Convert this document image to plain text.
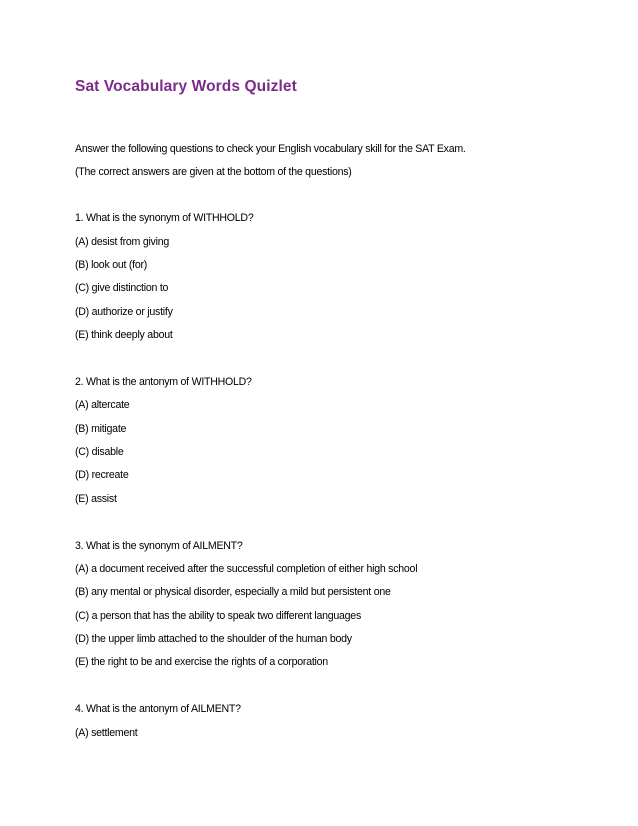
Sat Vocabulary Words Quizlet

Answer the following questions to check your English vocabulary skill for the SAT Exam.

(The correct answers are given at the bottom of the questions)

1. What is the synonym of WITHHOLD?

(A) desist from giving

(B) look out (for)

(C) give distinction to

(D) authorize or justify

(E) think deeply about

2. What is the antonym of WITHHOLD?

(A) altercate

(B) mitigate

(C) disable

(D) recreate

(E) assist

3. What is the synonym of AILMENT?

(A) a document received after the successful completion of either high school

(B) any mental or physical disorder, especially a mild but persistent one

(C) a person that has the ability to speak two different languages

(D) the upper limb attached to the shoulder of the human body

(E) the right to be and exercise the rights of a corporation

4. What is the antonym of AILMENT?

(A) settlement
